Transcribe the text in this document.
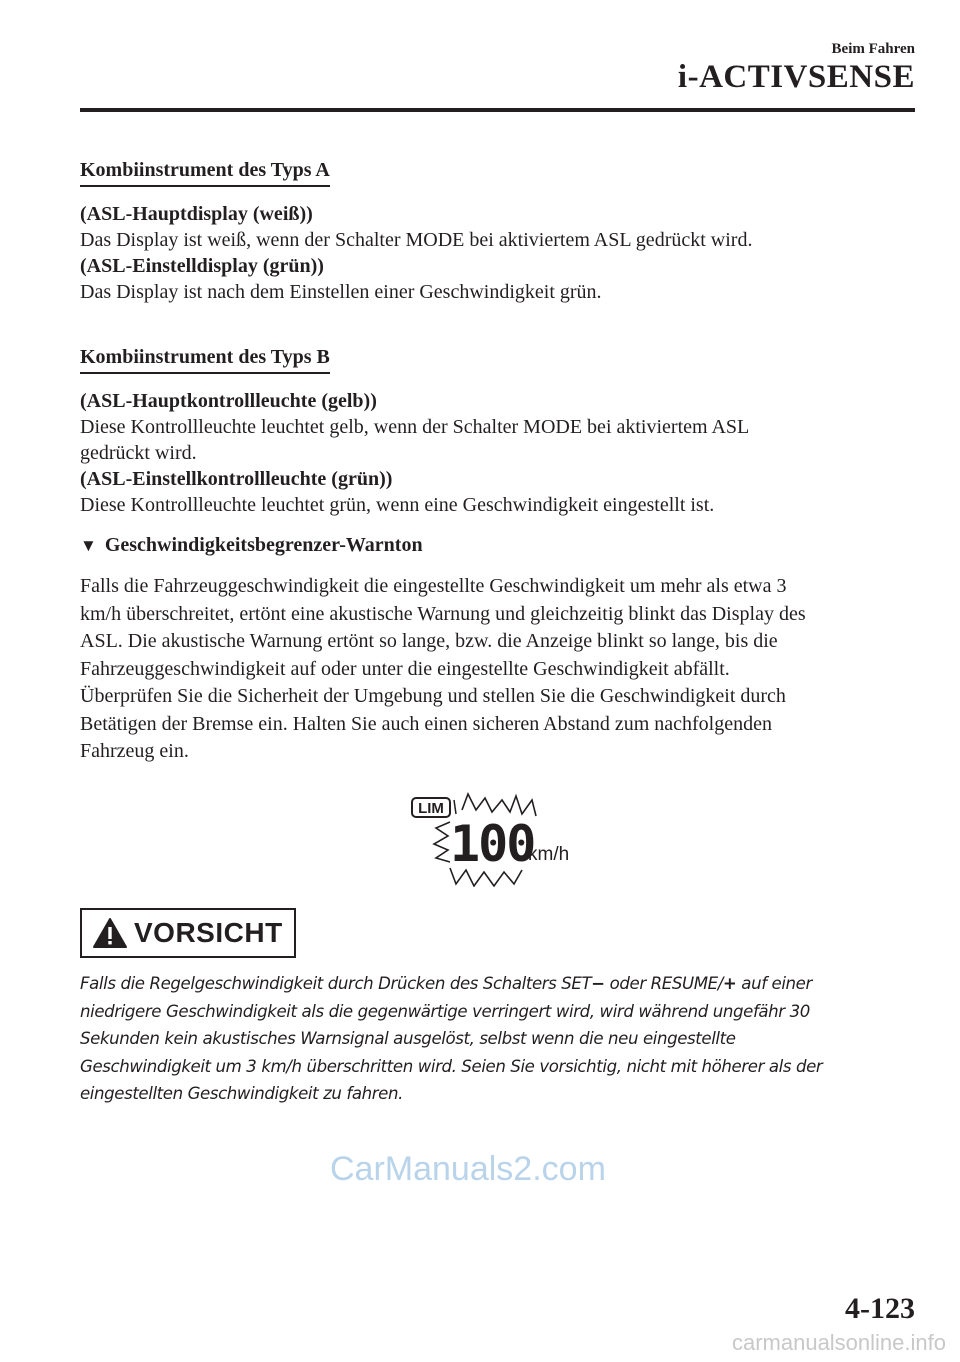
Beim Fahren
i-ACTIVSENSE
Kombiinstrument des Typs A
(ASL-Hauptdisplay (weiß))
Das Display ist weiß, wenn der Schalter MODE bei aktiviertem ASL gedrückt wird.
(ASL-Einstelldisplay (grün))
Das Display ist nach dem Einstellen einer Geschwindigkeit grün.
Kombiinstrument des Typs B
(ASL-Hauptkontrollleuchte (gelb))
Diese Kontrollleuchte leuchtet gelb, wenn der Schalter MODE bei aktiviertem ASL
gedrückt wird.
(ASL-Einstellkontrollleuchte (grün))
Diese Kontrollleuchte leuchtet grün, wenn eine Geschwindigkeit eingestellt ist.
▼ Geschwindigkeitsbegrenzer-Warnton
Falls die Fahrzeuggeschwindigkeit die eingestellte Geschwindigkeit um mehr als etwa 3
km/h überschreitet, ertönt eine akustische Warnung und gleichzeitig blinkt das Display des
ASL. Die akustische Warnung ertönt so lange, bzw. die Anzeige blinkt so lange, bis die
Fahrzeuggeschwindigkeit auf oder unter die eingestellte Geschwindigkeit abfällt.
Überprüfen Sie die Sicherheit der Umgebung und stellen Sie die Geschwindigkeit durch
Betätigen der Bremse ein. Halten Sie auch einen sicheren Abstand zum nachfolgenden
Fahrzeug ein.
LIM
100
km/h
VORSICHT
Falls die Regelgeschwindigkeit durch Drücken des Schalters SET− oder RESUME/+ auf einer
niedrigere Geschwindigkeit als die gegenwärtige verringert wird, wird während ungefähr 30
Sekunden kein akustisches Warnsignal ausgelöst, selbst wenn die neu eingestellte
Geschwindigkeit um 3 km/h überschritten wird. Seien Sie vorsichtig, nicht mit höherer als der
eingestellten Geschwindigkeit zu fahren.
CarManuals2.com
4-123
carmanualsonline.info
